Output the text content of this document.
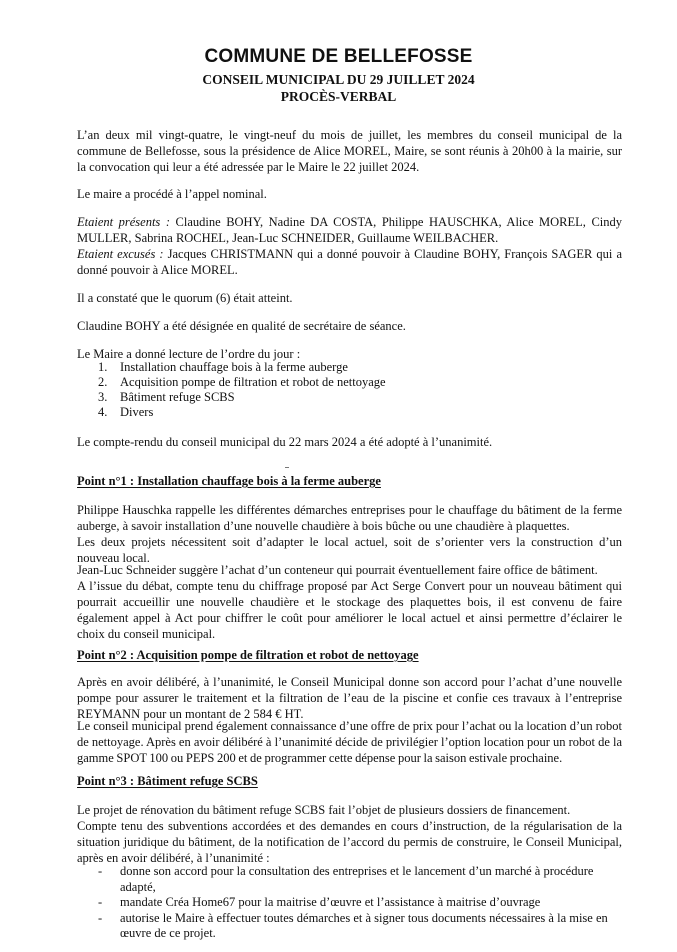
COMMUNE DE BELLEFOSSE
CONSEIL MUNICIPAL DU 29 JUILLET 2024
PROCÈS-VERBAL

L’an deux mil vingt-quatre, le vingt-neuf du mois de juillet, les membres du conseil municipal de la commune de Bellefosse, sous la présidence de Alice MOREL, Maire, se sont réunis à 20h00 à la mairie, sur la convocation qui leur a été adressée par le Maire le 22 juillet 2024.

Le maire a procédé à l’appel nominal.

Etaient présents : Claudine BOHY, Nadine DA COSTA, Philippe HAUSCHKA, Alice MOREL, Cindy MULLER, Sabrina ROCHEL, Jean-Luc SCHNEIDER, Guillaume WEILBACHER.

Etaient excusés : Jacques CHRISTMANN qui a donné pouvoir à Claudine BOHY, François SAGER qui a donné pouvoir à Alice MOREL.

Il a constaté que le quorum (6) était atteint.

Claudine BOHY a été désignée en qualité de secrétaire de séance.

Le Maire a donné lecture de l’ordre du jour :

1.	Installation chauffage bois à la ferme auberge
2.	Acquisition pompe de filtration et robot de nettoyage
3.	Bâtiment refuge SCBS
4.	Divers

Le compte-rendu du conseil municipal du 22 mars 2024 a été adopté à l’unanimité.

Point n°1 : Installation chauffage bois à la ferme auberge

Philippe Hauschka rappelle les différentes démarches entreprises pour le chauffage du bâtiment de la ferme auberge, à savoir installation d’une nouvelle chaudière à bois bûche ou une chaudière à plaquettes.

Les deux projets nécessitent soit d’adapter le local actuel, soit de s’orienter vers la construction d’un nouveau local.

Jean-Luc Schneider suggère l’achat d’un conteneur qui pourrait éventuellement faire office de bâtiment.

A l’issue du débat, compte tenu du chiffrage proposé par Act Serge Convert pour un nouveau bâtiment qui pourrait accueillir une nouvelle chaudière et le stockage des plaquettes bois, il est convenu de faire également appel à Act pour chiffrer le coût pour améliorer le local actuel et ainsi permettre d’éclairer le choix du conseil municipal.

Point n°2 : Acquisition pompe de filtration et robot de nettoyage

Après en avoir délibéré, à l’unanimité, le Conseil Municipal donne son accord pour l’achat d’une nouvelle pompe pour assurer le traitement et la filtration de l’eau de la piscine et confie ces travaux à l’entreprise REYMANN pour un montant de 2 584 € HT.

Le conseil municipal prend également connaissance d’une offre de prix pour l’achat ou la location d’un robot de nettoyage. Après en avoir délibéré à l’unanimité décide de privilégier l’option location pour un robot de la gamme SPOT 100 ou PEPS 200 et de programmer cette dépense pour la saison estivale prochaine.

Point n°3 : Bâtiment refuge SCBS

Le projet de rénovation du bâtiment refuge SCBS fait l’objet de plusieurs dossiers de financement.

Compte tenu des subventions accordées et des demandes en cours d’instruction, de la régularisation de la situation juridique du bâtiment, de la notification de l’accord du permis de construire, le Conseil Municipal, après en avoir délibéré, à l’unanimité :

-	donne son accord pour la consultation des entreprises et le lancement d’un marché à procédure adapté,
-	mandate Créa Home67 pour la maitrise d’œuvre et l’assistance à maitrise d’ouvrage
-	autorise le Maire à effectuer toutes démarches et à signer tous documents nécessaires à la mise en œuvre de ce projet.
